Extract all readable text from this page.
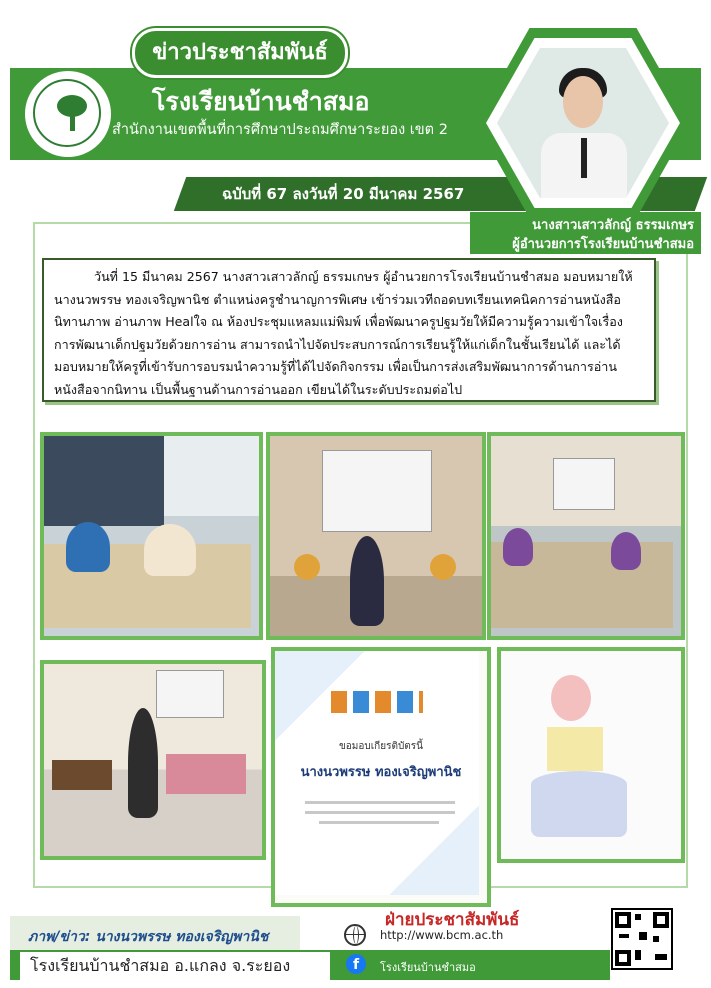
ข่าวประชาสัมพันธ์
โรงเรียนบ้านชำสมอ
สำนักงานเขตพื้นที่การศึกษาประถมศึกษาระยอง เขต 2
ฉบับที่ 67 ลงวันที่ 20 มีนาคม 2567
นางสาวเสาวลักญ์ ธรรมเกษร
ผู้อำนวยการโรงเรียนบ้านชำสมอ
วันที่ 15 มีนาคม 2567 นางสาวเสาวลักญ์ ธรรมเกษร ผู้อำนวยการโรงเรียนบ้านชำสมอ มอบหมายให้ นางนวพรรษ ทองเจริญพานิช ตำแหน่งครูชำนาญการพิเศษ เข้าร่วมเวทีถอดบทเรียนเทคนิคการอ่านหนังสือนิทานภาพ อ่านภาพ Healใจ ณ ห้องประชุมแหลมแม่พิมพ์ เพื่อพัฒนาครูปฐมวัยให้มีความรู้ความเข้าใจเรื่องการพัฒนาเด็กปฐมวัยด้วยการอ่าน สามารถนำไปจัดประสบการณ์การเรียนรู้ให้แก่เด็กในชั้นเรียนได้ และได้มอบหมายให้ครูที่เข้ารับการอบรมนำความรู้ที่ได้ไปจัดกิจกรรม เพื่อเป็นการส่งเสริมพัฒนาการด้านการอ่านหนังสือจากนิทาน เป็นพื้นฐานด้านการอ่านออก เขียนได้ในระดับประถมต่อไป
ขอมอบเกียรติบัตรนี้
นางนวพรรษ ทองเจริญพานิช
ภาพ/ข่าว: นางนวพรรษ ทองเจริญพานิช
โรงเรียนบ้านชำสมอ อ.แกลง จ.ระยอง
ฝ่ายประชาสัมพันธ์
http://www.bcm.ac.th
f	โรงเรียนบ้านชำสมอ
